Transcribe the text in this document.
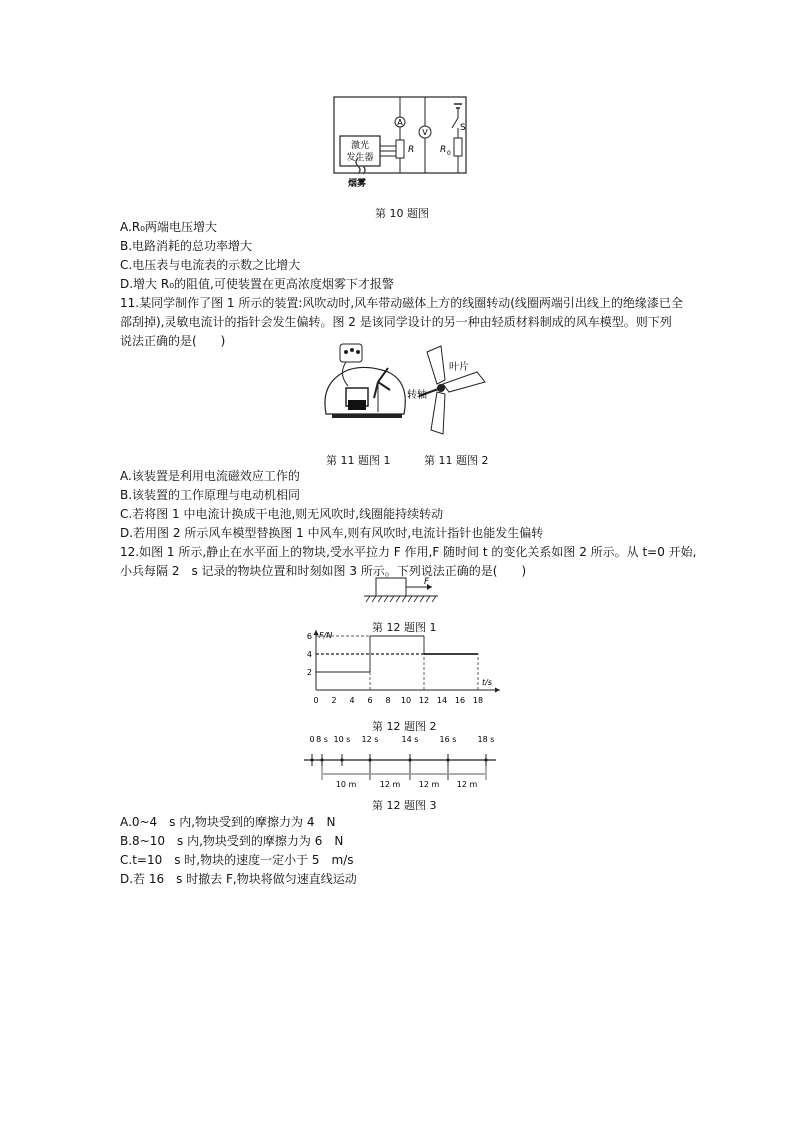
激光
发生器
A
R
V	S
R 0
烟雾
第 10 题图
A.R₀两端电压增大
B.电路消耗的总功率增大
C.电压表与电流表的示数之比增大
D.增大 R₀的阻值,可使装置在更高浓度烟雾下才报警
11.某同学制作了图 1 所示的装置:风吹动时,风车带动磁体上方的线圈转动(线圈两端引出线上的绝缘漆已全
部刮掉),灵敏电流计的指针会发生偏转。图 2 是该同学设计的另一种由轻质材料制成的风车模型。则下列
说法正确的是(　　)
叶片
转轴
第 11 题图 1	第 11 题图 2
A.该装置是利用电流磁效应工作的
B.该装置的工作原理与电动机相同
C.若将图 1 中电流计换成干电池,则无风吹时,线圈能持续转动
D.若用图 2 所示风车模型替换图 1 中风车,则有风吹时,电流计指针也能发生偏转
12.如图 1 所示,静止在水平面上的物块,受水平拉力 F 作用,F 随时间 t 的变化关系如图 2 所示。从 t=0 开始,
小兵每隔 2　s 记录的物块位置和时刻如图 3 所示。下列说法正确的是(　　)
F
第 12 题图 1
F/N
t/s
0 2 4 6 8 10 12 14 16 18
2
4
6
第 12 题图 2
0 8 s 10 s 12 s	14 s	16 s	18 s
10 m	12 m 12 m 12 m
第 12 题图 3
A.0~4　s 内,物块受到的摩擦力为 4　N
B.8~10　s 内,物块受到的摩擦力为 6　N
C.t=10　s 时,物块的速度一定小于 5　m/s
D.若 16　s 时撤去 F,物块将做匀速直线运动
